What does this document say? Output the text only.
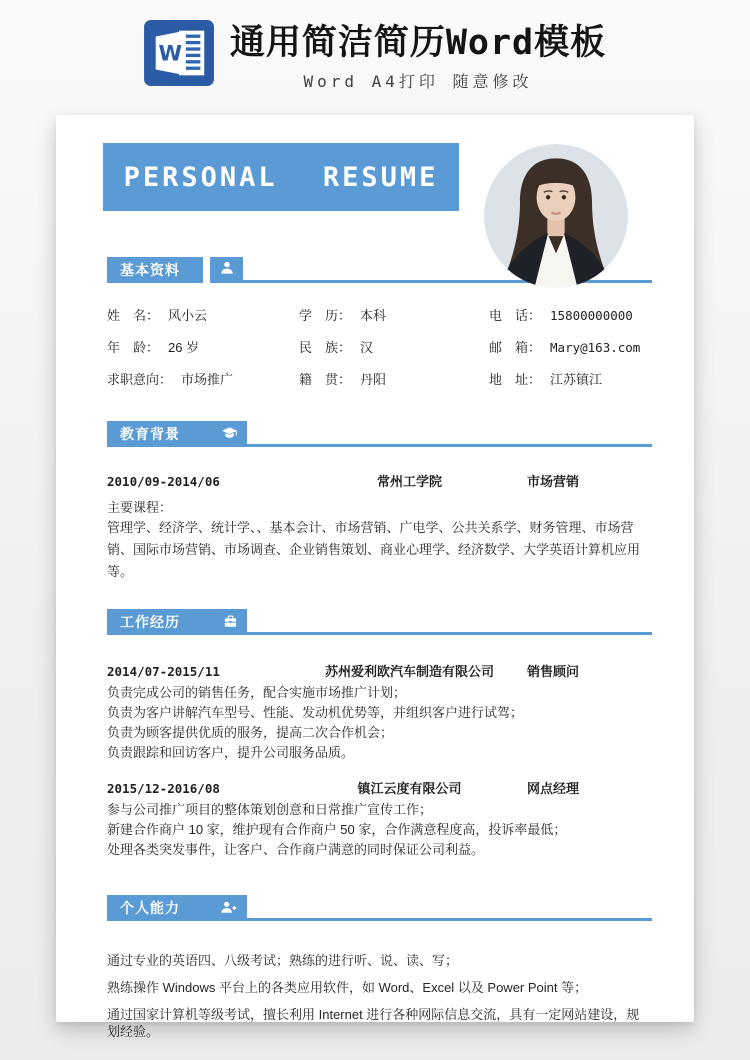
W 通用简洁简历Word模板
Word A4打印 随意修改
PERSONAL RESUME
基本资料
姓　名： 风小云	学　历： 本科	电　话： 15800000000
年　龄： 26 岁	民　族： 汉	邮　箱： Mary@163.com
求职意向： 市场推广	籍　贯： 丹阳	地　址： 江苏镇江
教育背景
2010/09-2014/06	常州工学院	市场营销
主要课程：

管理学、经济学、统计学、、基本会计、市场营销、广电学、公共关系学、财务管理、市场营销、国际市场营销、市场调查、企业销售策划、商业心理学、经济数学、大学英语计算机应用等。

工作经历
2014/07-2015/11	苏州爱利欧汽车制造有限公司	销售顾问
负责完成公司的销售任务，配合实施市场推广计划；
负责为客户讲解汽车型号、性能、发动机优势等，并组织客户进行试驾；
负责为顾客提供优质的服务，提高二次合作机会；
负责跟踪和回访客户，提升公司服务品质。
2015/12-2016/08	镇江云度有限公司	网点经理
参与公司推广项目的整体策划创意和日常推广宣传工作；
新建合作商户 10 家，维护现有合作商户 50 家，合作满意程度高，投诉率最低；
处理各类突发事件，让客户、合作商户满意的同时保证公司利益。
个人能力
通过专业的英语四、八级考试；熟练的进行听、说、读、写；
熟练操作 Windows 平台上的各类应用软件，如 Word、Excel 以及 Power Point 等；
通过国家计算机等级考试，擅长利用 Internet 进行各种网际信息交流，具有一定网站建设，规划经验。
